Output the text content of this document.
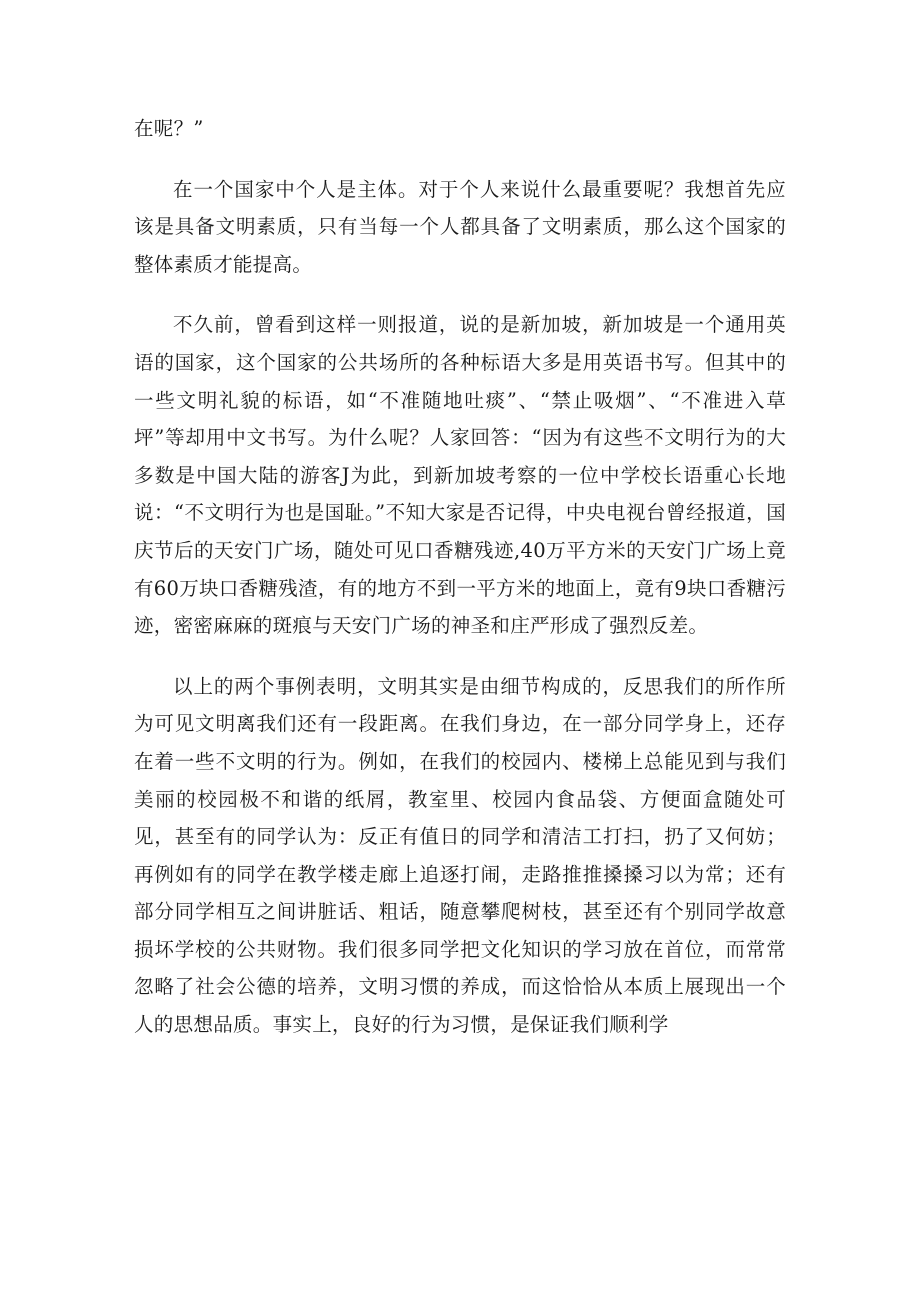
在呢？”

在一个国家中个人是主体。对于个人来说什么最重要呢？我想首先应该是具备文明素质，只有当每一个人都具备了文明素质，那么这个国家的整体素质才能提高。

不久前，曾看到这样一则报道，说的是新加坡，新加坡是一个通用英语的国家，这个国家的公共场所的各种标语大多是用英语书写。但其中的一些文明礼貌的标语，如“不准随地吐痰”、“禁止吸烟”、“不准进入草坪”等却用中文书写。为什么呢？人家回答：“因为有这些不文明行为的大多数是中国大陆的游客J为此，到新加坡考察的一位中学校长语重心长地说：“不文明行为也是国耻。”不知大家是否记得，中央电视台曾经报道，国庆节后的天安门广场，随处可见口香糖残迹,40万平方米的天安门广场上竟有60万块口香糖残渣，有的地方不到一平方米的地面上，竟有9块口香糖污迹，密密麻麻的斑痕与天安门广场的神圣和庄严形成了强烈反差。

以上的两个事例表明，文明其实是由细节构成的，反思我们的所作所为可见文明离我们还有一段距离。在我们身边，在一部分同学身上，还存在着一些不文明的行为。例如，在我们的校园内、楼梯上总能见到与我们美丽的校园极不和谐的纸屑，教室里、校园内食品袋、方便面盒随处可见，甚至有的同学认为：反正有值日的同学和清洁工打扫，扔了又何妨；再例如有的同学在教学楼走廊上追逐打闹，走路推推搡搡习以为常；还有部分同学相互之间讲脏话、粗话，随意攀爬树枝，甚至还有个别同学故意损坏学校的公共财物。我们很多同学把文化知识的学习放在首位，而常常忽略了社会公德的培养，文明习惯的养成，而这恰恰从本质上展现出一个人的思想品质。事实上，良好的行为习惯，是保证我们顺利学
